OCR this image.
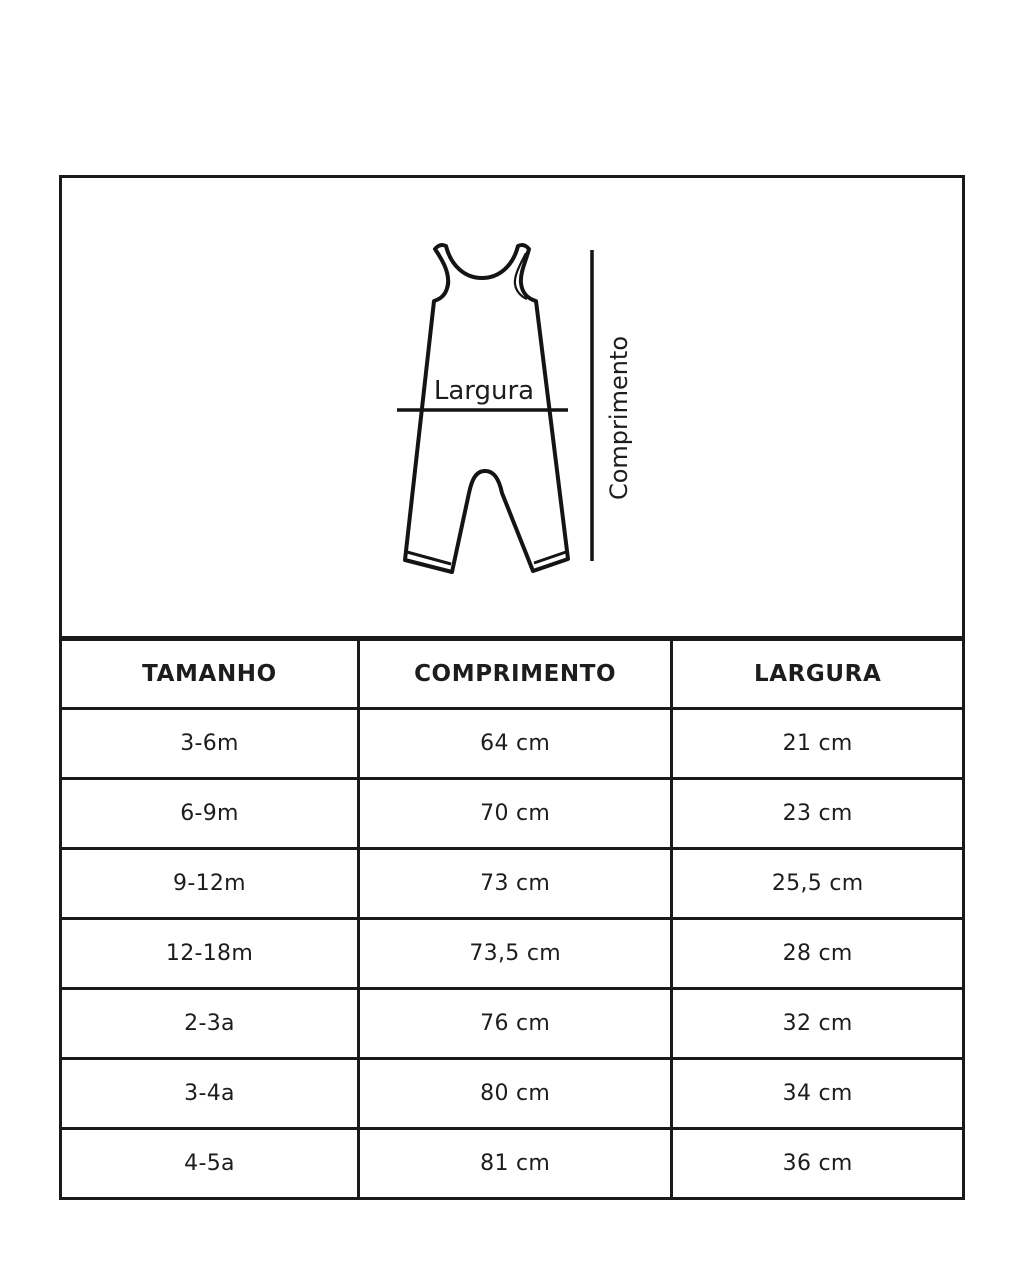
Largura	Comprimento
TAMANHO	COMPRIMENTO	LARGURA
3-6m	64 cm	21 cm
6-9m	70 cm	23 cm
9-12m	73 cm	25,5 cm
12-18m	73,5 cm	28 cm
2-3a	76 cm	32 cm
3-4a	80 cm	34 cm
4-5a	81 cm	36 cm
